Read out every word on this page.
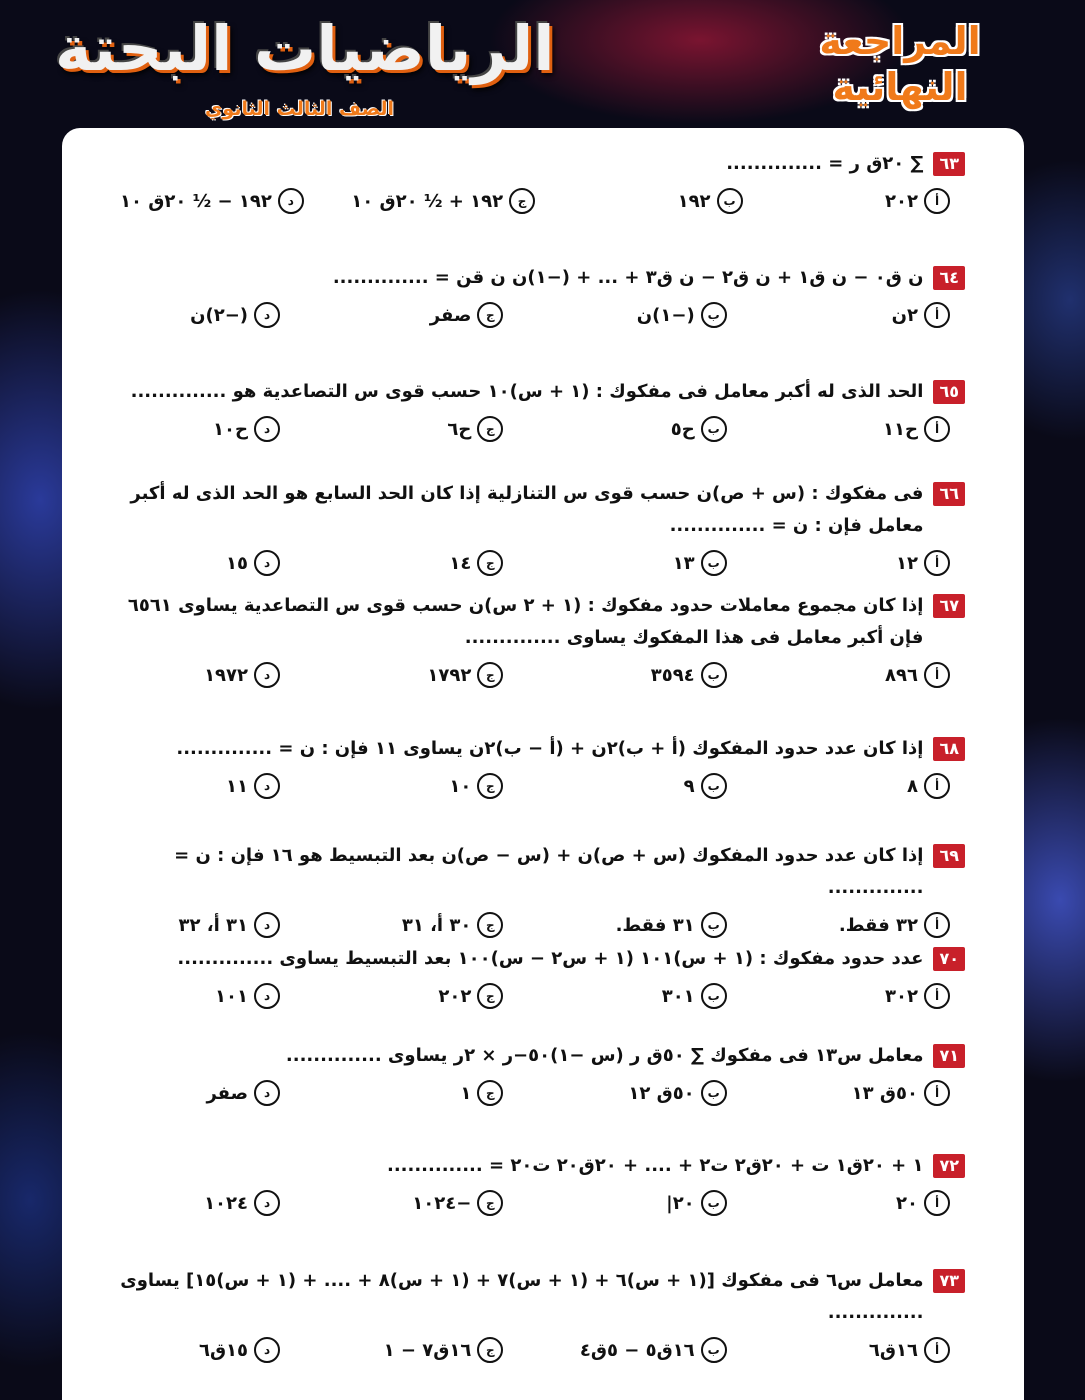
الرياضيات البحتة
الصف الثالث الثانوي
المراجعة
النهائية
٦٣
∑ ٢٠ق ر = ..............
أ
٢٠٢
ب
١٩٢
ج
١٩٢ + ½ ٢٠ق ١٠
د
١٩٢ − ½ ٢٠ق ١٠
٦٤
ن ق٠ − ن ق١ + ن ق٢ − ن ق٣ + ... + (−١)ن ن قن = ..............
أ
٢ن
ب
(−١)ن
ج
صفر
د
(−٢)ن
٦٥
الحد الذى له أكبر معامل فى مفكوك : (١ + س)١٠ حسب قوى س التصاعدية هو ..............
أ
ح١١
ب
ح٥
ج
ح٦
د
ح١٠
٦٦
فى مفكوك : (س + ص)ن حسب قوى س التنازلية إذا كان الحد السابع هو الحد الذى له أكبر معامل فإن : ن = ..............
أ
١٢
ب
١٣
ج
١٤
د
١٥
٦٧
إذا كان مجموع معاملات حدود مفكوك : (١ + ٢ س)ن حسب قوى س التصاعدية يساوى ٦٥٦١ فإن أكبر معامل فى هذا المفكوك يساوى ..............
أ
٨٩٦
ب
٣٥٩٤
ج
١٧٩٢
د
١٩٧٢
٦٨
إذا كان عدد حدود المفكوك (أ + ب)٢ن + (أ − ب)٢ن يساوى ١١ فإن : ن = ..............
أ
٨
ب
٩
ج
١٠
د
١١
٦٩
إذا كان عدد حدود المفكوك (س + ص)ن + (س − ص)ن بعد التبسيط هو ١٦ فإن : ن = ..............
أ
٣٢ فقط.
ب
٣١ فقط.
ج
٣٠ أ، ٣١
د
٣١ أ، ٣٢
٧٠
عدد حدود مفكوك : (١ + س)١٠١ (١ + س٢ − س)١٠٠ بعد التبسيط يساوى ..............
أ
٣٠٢
ب
٣٠١
ج
٢٠٢
د
١٠١
٧١
معامل س١٣ فى مفكوك ∑ ٥٠ق ر (س −١)٥٠−ر × ٢ر يساوى ..............
أ
٥٠ق ١٣
ب
٥٠ق ١٢
ج
١
د
صفر
٧٢
١ + ٢٠ق١ ت + ٢٠ق٢ ت٢ + .... + ٢٠ق٢٠ ت٢٠ = ..............
أ
٢٠
ب
٢٠|
ج
−١٠٢٤
د
١٠٢٤
٧٣
معامل س٦ فى مفكوك [(١ + س)٦ + (١ + س)٧ + (١ + س)٨ + .... + (١ + س)١٥] يساوى ..............
أ
١٦ق٦
ب
١٦ق٥ − ٥ق٤
ج
١٦ق٧ − ١
د
١٥ق٦
